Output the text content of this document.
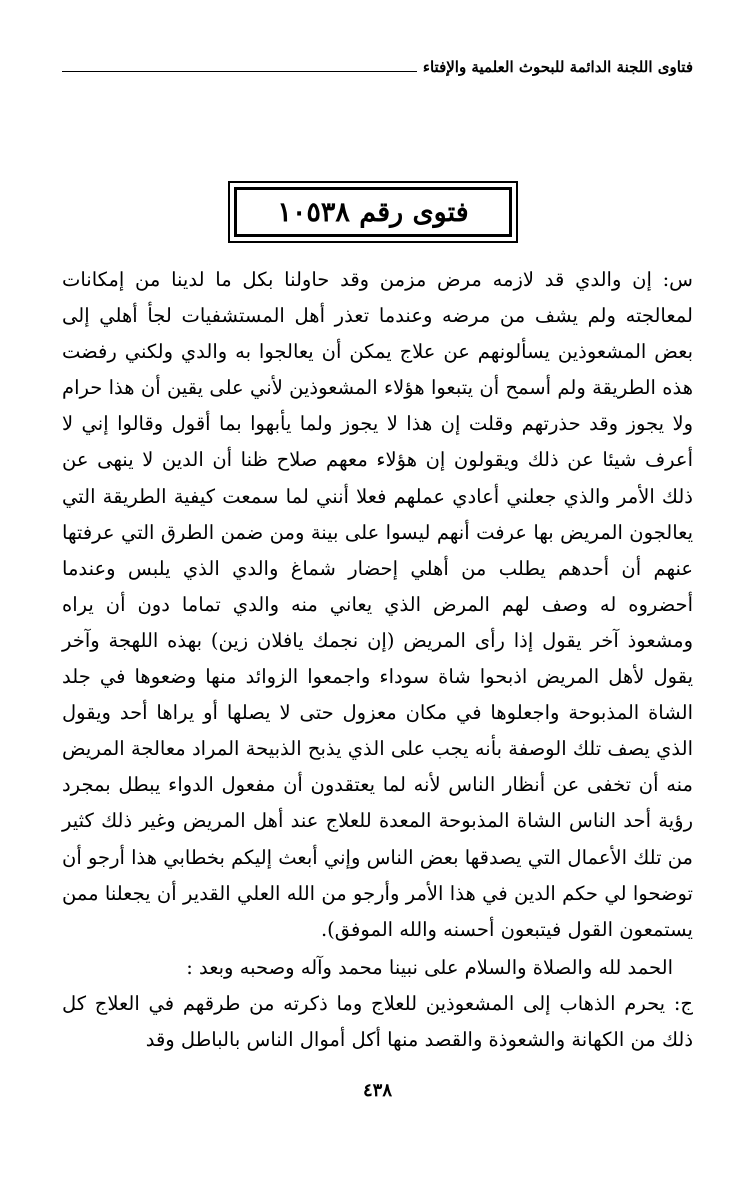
فتاوى اللجنة الدائمة للبحوث العلمية والإفتاء
فتوى رقم ١٠٥٣٨

س: إن والدي قد لازمه مرض مزمن وقد حاولنا بكل ما لدينا من إمكانات لمعالجته ولم يشف من مرضه وعندما تعذر أهل المستشفيات لجأ أهلي إلى بعض المشعوذين يسألونهم عن علاج يمكن أن يعالجوا به والدي ولكني رفضت هذه الطريقة ولم أسمح أن يتبعوا هؤلاء المشعوذين لأني على يقين أن هذا حرام ولا يجوز وقد حذرتهم وقلت إن هذا لا يجوز ولما يأبهوا بما أقول وقالوا إني لا أعرف شيئا عن ذلك ويقولون إن هؤلاء معهم صلاح ظنا أن الدين لا ينهى عن ذلك الأمر والذي جعلني أعادي عملهم فعلا أنني لما سمعت كيفية الطريقة التي يعالجون المريض بها عرفت أنهم ليسوا على بينة ومن ضمن الطرق التي عرفتها عنهم أن أحدهم يطلب من أهلي إحضار شماغ والدي الذي يلبس وعندما أحضروه له وصف لهم المرض الذي يعاني منه والدي تماما دون أن يراه ومشعوذ آخر يقول إذا رأى المريض (إن نجمك يافلان زين) بهذه اللهجة وآخر يقول لأهل المريض اذبحوا شاة سوداء واجمعوا الزوائد منها وضعوها في جلد الشاة المذبوحة واجعلوها في مكان معزول حتى لا يصلها أو يراها أحد ويقول الذي يصف تلك الوصفة بأنه يجب على الذي يذبح الذبيحة المراد معالجة المريض منه أن تخفى عن أنظار الناس لأنه لما يعتقدون أن مفعول الدواء يبطل بمجرد رؤية أحد الناس الشاة المذبوحة المعدة للعلاج عند أهل المريض وغير ذلك كثير من تلك الأعمال التي يصدقها بعض الناس وإني أبعث إليكم بخطابي هذا أرجو أن توضحوا لي حكم الدين في هذا الأمر وأرجو من الله العلي القدير أن يجعلنا ممن يستمعون القول فيتبعون أحسنه والله الموفق).

الحمد لله والصلاة والسلام على نبينا محمد وآله وصحبه وبعد :

ج: يحرم الذهاب إلى المشعوذين للعلاج وما ذكرته من طرقهم في العلاج كل ذلك من الكهانة والشعوذة والقصد منها أكل أموال الناس بالباطل وقد

٤٣٨
